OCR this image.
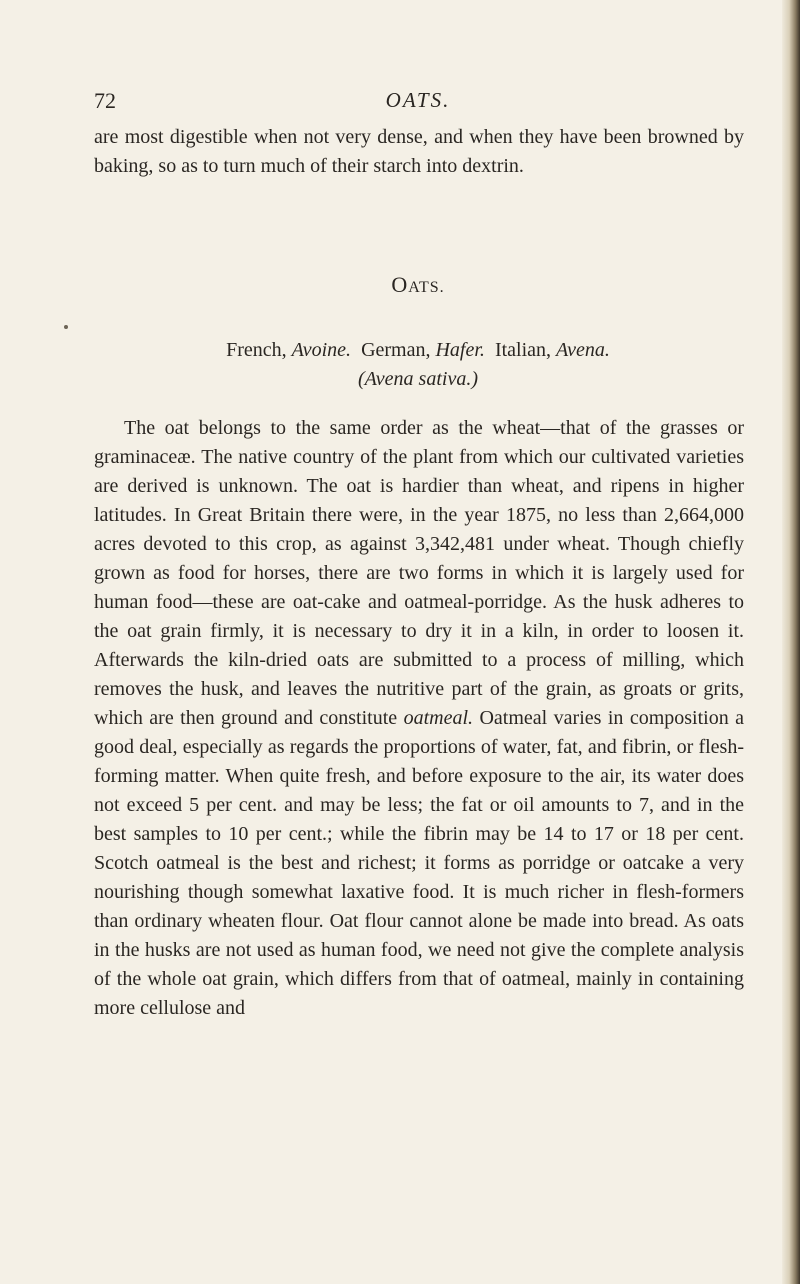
72	OATS.

are most digestible when not very dense, and when they have been browned by baking, so as to turn much of their starch into dextrin.

OATS.
French, Avoine. German, Hafer. Italian, Avena.
(Avena sativa.)
The oat belongs to the same order as the wheat—that of the grasses or graminaceæ. The native country of the plant from which our cultivated varieties are derived is unknown. The oat is hardier than wheat, and ripens in higher latitudes. In Great Britain there were, in the year 1875, no less than 2,664,000 acres devoted to this crop, as against 3,342,481 under wheat. Though chiefly grown as food for horses, there are two forms in which it is largely used for human food—these are oat-cake and oatmeal-porridge. As the husk adheres to the oat grain firmly, it is necessary to dry it in a kiln, in order to loosen it. Afterwards the kiln-dried oats are submitted to a process of milling, which removes the husk, and leaves the nutritive part of the grain, as groats or grits, which are then ground and constitute oatmeal. Oatmeal varies in composition a good deal, especially as regards the proportions of water, fat, and fibrin, or flesh-forming matter. When quite fresh, and before exposure to the air, its water does not exceed 5 per cent. and may be less; the fat or oil amounts to 7, and in the best samples to 10 per cent.; while the fibrin may be 14 to 17 or 18 per cent. Scotch oatmeal is the best and richest; it forms as porridge or oatcake a very nourishing though somewhat laxative food. It is much richer in flesh-formers than ordinary wheaten flour. Oat flour cannot alone be made into bread. As oats in the husks are not used as human food, we need not give the complete analysis of the whole oat grain, which differs from that of oatmeal, mainly in containing more cellulose and
